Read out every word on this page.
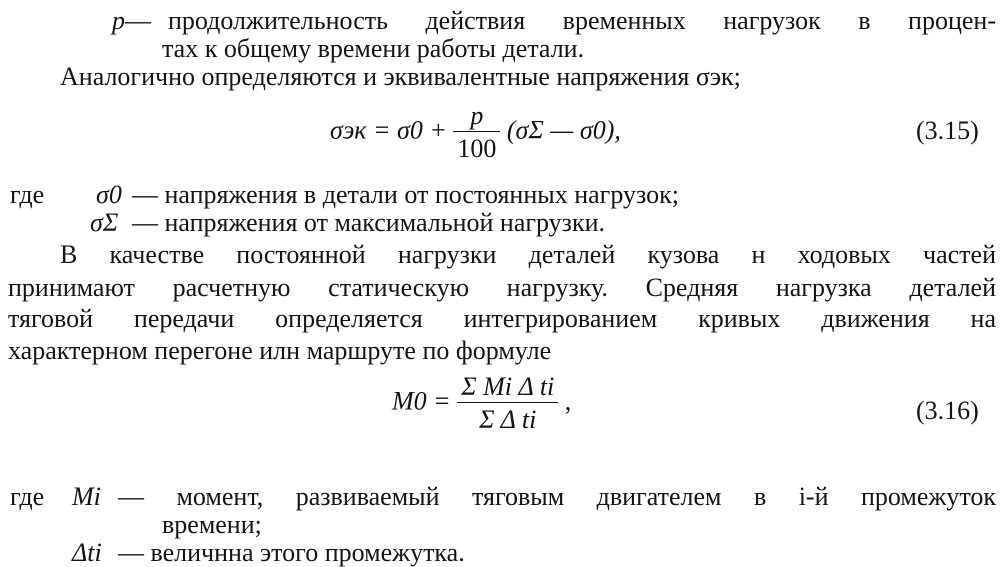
p— продолжительность действия временных нагрузок в процен-
тах к общему времени работы детали.
Аналогично определяются и эквивалентные напряжения σэк;
$\sigma эк = \sigma 0 + \frac{p}{100} (\sigma\Sigma$ — σ0),	(3.15)
где σ0 — напряжения в детали от постоянных нагрузок;
σΣ — напряжения от максимальной нагрузки.
В качестве постоянной нагрузки деталей кузова н ходовых частей
принимают расчетную статическую нагрузку. Средняя нагрузка деталей
тяговой передачи определяется интегрированием кривых движения на
характерном перегоне илн маршруте по формуле
$M0 = \frac{\text{Σ Mi Δ ti}}{\text{Σ Δ ti}}$ ,	(3.16)
где Mi — момент, развиваемый тяговым двигателем в i-й промежуток
времени;
Δti — величнна этого промежутка.
